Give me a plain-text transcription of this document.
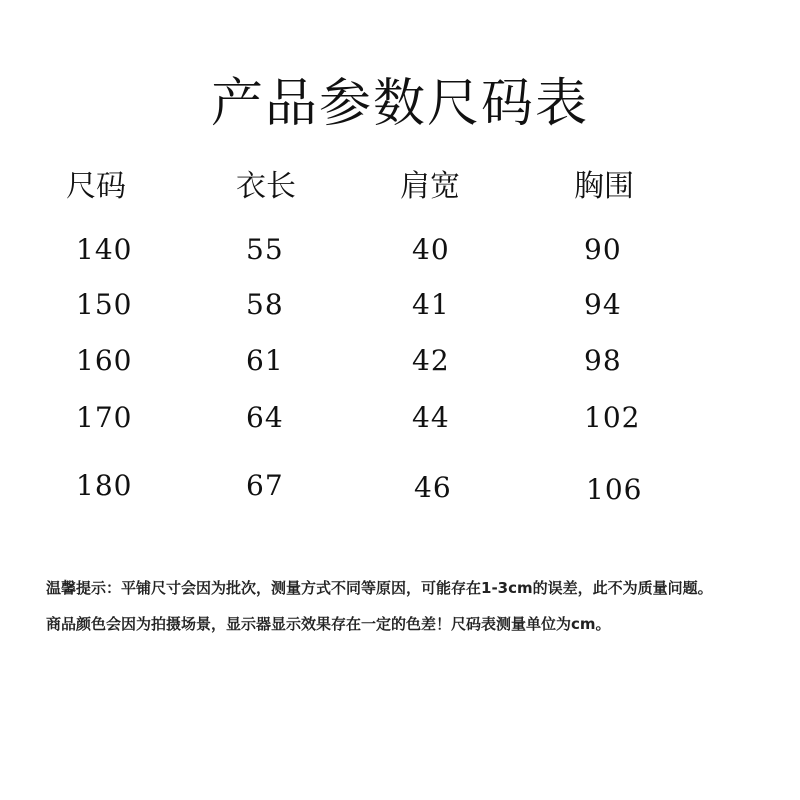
产品参数尺码表
尺码	衣长	肩宽	胸围
140	55	40	90
150	58	41	94
160	61	42	98
170	64	44	102
180	67	46	106
温馨提示：平铺尺寸会因为批次，测量方式不同等原因，可能存在1-3cm的误差，此不为质量问题。
商品颜色会因为拍摄场景，显示器显示效果存在一定的色差！尺码表测量单位为cm。
